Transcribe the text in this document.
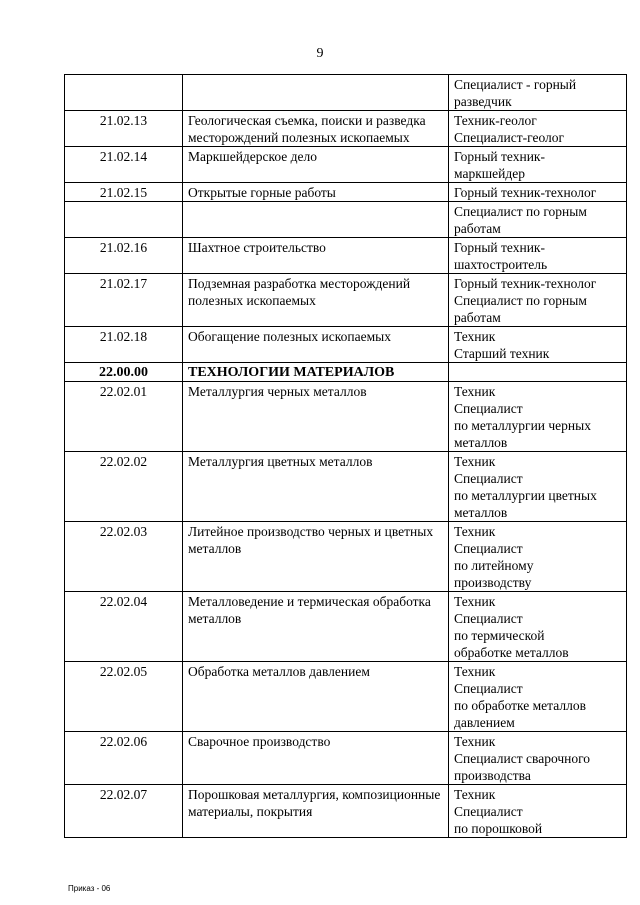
9

		Специалист - горный
разведчик

21.02.13	Геологическая съемка, поиски и разведка месторождений полезных ископаемых	Техник-геолог
Специалист-геолог

21.02.14	Маркшейдерское дело	Горный техник-
маркшейдер

21.02.15	Открытые горные работы	Горный техник-технолог

		Специалист по горным
работам

21.02.16	Шахтное строительство	Горный техник-
шахтостроитель

21.02.17	Подземная разработка месторождений полезных ископаемых	Горный техник-технолог
Специалист по горным
работам

21.02.18	Обогащение полезных ископаемых	Техник
Старший техник

22.00.00	ТЕХНОЛОГИИ МАТЕРИАЛОВ	
22.02.01	Металлургия черных металлов	Техник
Специалист
по металлургии черных
металлов

22.02.02	Металлургия цветных металлов	Техник
Специалист
по металлургии цветных
металлов

22.02.03	Литейное производство черных и цветных металлов	Техник
Специалист
по литейному
производству

22.02.04	Металловедение и термическая обработка металлов	Техник
Специалист
по термической
обработке металлов

22.02.05	Обработка металлов давлением	Техник
Специалист
по обработке металлов
давлением

22.02.06	Сварочное производство	Техник
Специалист сварочного
производства

22.02.07	Порошковая металлургия, композиционные материалы, покрытия	Техник
Специалист
по порошковой
Приказ - 06
